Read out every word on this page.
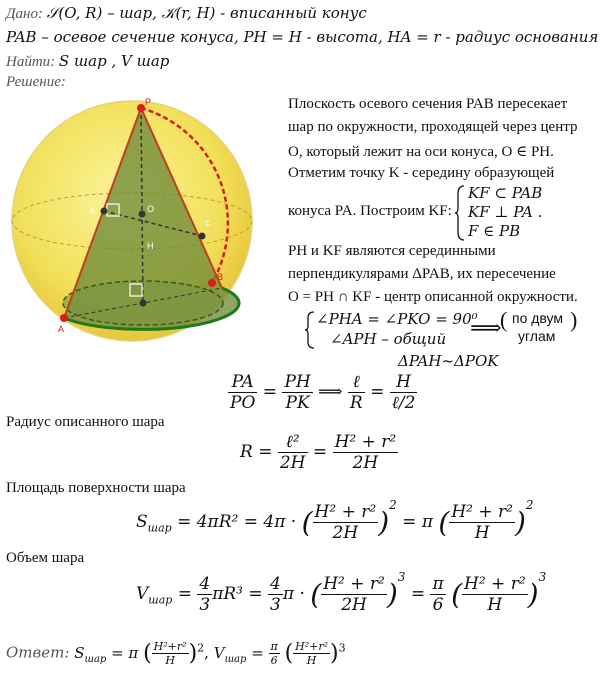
Дано: 𝒮(O, R) – шар, 𝒦(r, H) - вписанный конус
PAB – осевое сечение конуса, PH = H - высота, HA = r - радиус основания
Найти: S шар , V шар
Решение:
P
K
F
H
O
A
B
Плоскость осевого сечения PAB пересекает
шар по окружности, проходящей через центр
O, который лежит на оси конуса, O ∈ PH.
Отметим точку K - середину образующей
конуса PA. Построим KF:
KF ⊂ PAB
KF ⊥ PA .
F ∈ PB
PH и KF являются серединными
перпендикулярами ΔPAB, их пересечение
O = PH ∩ KF - центр описанной окружности.
∠PHA = ∠PKO = 90⁰
∠APH – общий ⟹
( по двум
углам
)
ΔPAH~ΔPOK
$\frac{PA}{PO} = \frac{PH}{PK}$ ⟹ $\frac{\text{ℓ}}{R} = \frac{H}{\text{ℓ/2}}$
Радиус описанного шара
$R = \frac{\text{ℓ²}}{2H} = \frac{\text{H² + r²}}{2H}$
Площадь поверхности шара
$S_{шар} = 4\pi R^2 = 4\pi$ · ( $\frac{\text{H² + r²}}{2H} )^2 = \pi$ ( $\frac{\text{H² + r²}}{H} )^2$
Объем шара
$V_{шар} = \frac{4}{3} \pi R^3 = \frac{4}{3}$ π · ( $\frac{\text{H² + r²}}{2H} )^3 = \frac{\pi}{6}$ ( $\frac{\text{H² + r²}}{H} )^3$
Ответ: $S_{шар} = \pi$ ( $\frac{\text{H²+r²}}{H} )^2$, $V_{шар} = \frac{\pi}{6}$ ( $\frac{\text{H²+r²}}{H} )^3$
